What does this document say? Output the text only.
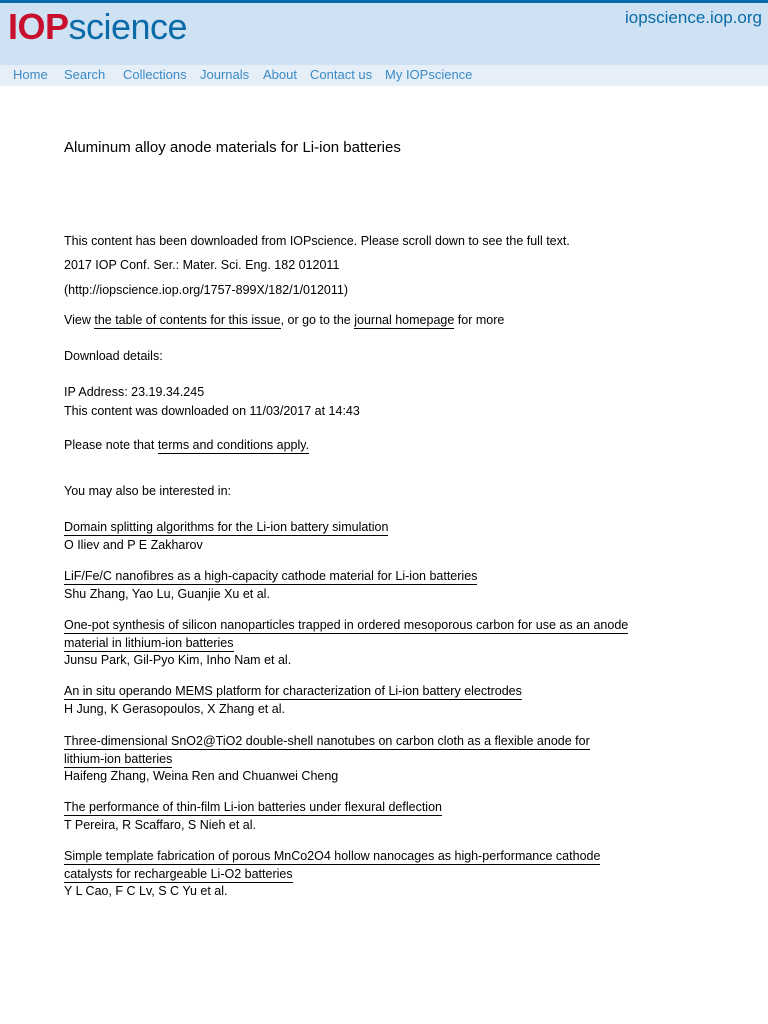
IOPscience	iopscience.iop.org
Home Search Collections Journals About Contact us My IOPscience
Aluminum alloy anode materials for Li-ion batteries
This content has been downloaded from IOPscience. Please scroll down to see the full text.
2017 IOP Conf. Ser.: Mater. Sci. Eng. 182 012011
(http://iopscience.iop.org/1757-899X/182/1/012011)
View the table of contents for this issue, or go to the journal homepage for more
Download details:
IP Address: 23.19.34.245
This content was downloaded on 11/03/2017 at 14:43
Please note that terms and conditions apply.
You may also be interested in:
Domain splitting algorithms for the Li-ion battery simulation
O Iliev and P E Zakharov
LiF/Fe/C nanofibres as a high-capacity cathode material for Li-ion batteries
Shu Zhang, Yao Lu, Guanjie Xu et al.
One-pot synthesis of silicon nanoparticles trapped in ordered mesoporous carbon for use as an anode
material in lithium-ion batteries
Junsu Park, Gil-Pyo Kim, Inho Nam et al.
An in situ operando MEMS platform for characterization of Li-ion battery electrodes
H Jung, K Gerasopoulos, X Zhang et al.
Three-dimensional SnO2@TiO2 double-shell nanotubes on carbon cloth as a flexible anode for
lithium-ion batteries
Haifeng Zhang, Weina Ren and Chuanwei Cheng
The performance of thin-film Li-ion batteries under flexural deflection
T Pereira, R Scaffaro, S Nieh et al.
Simple template fabrication of porous MnCo2O4 hollow nanocages as high-performance cathode
catalysts for rechargeable Li-O2 batteries
Y L Cao, F C Lv, S C Yu et al.
